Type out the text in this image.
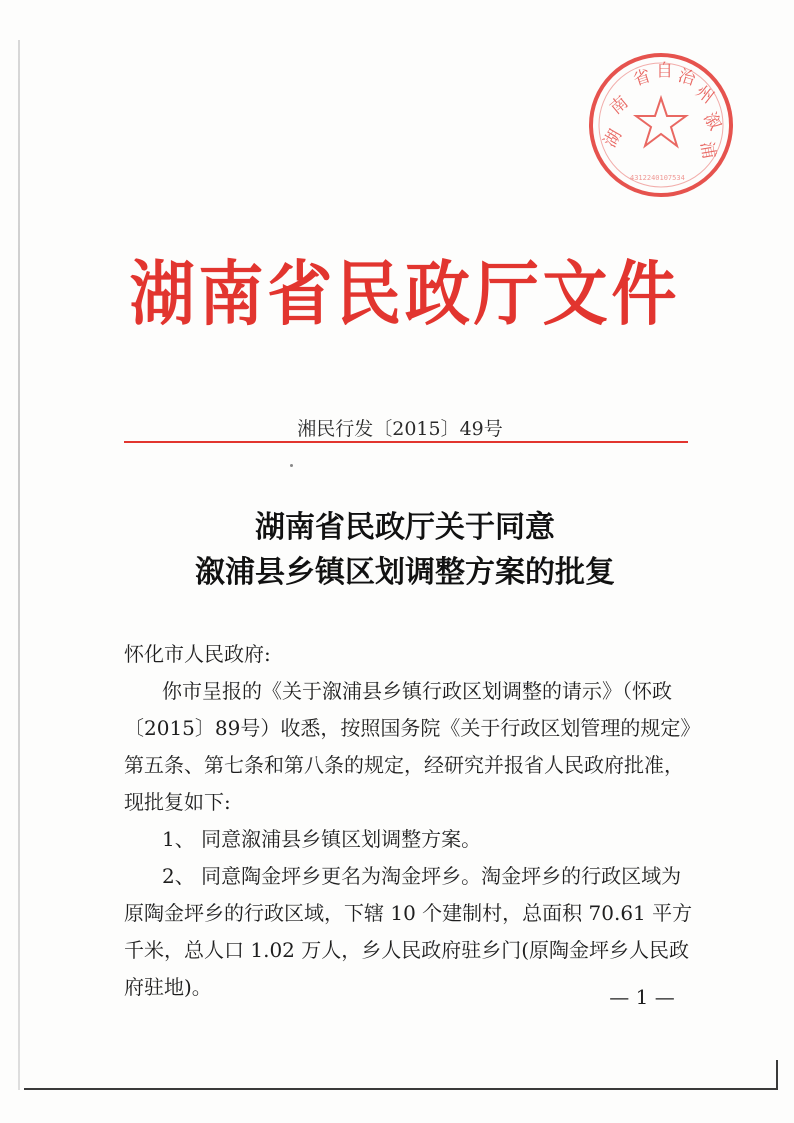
湖
南
省 自 治
州
溆
浦
4312240107534
湖南省民政厅文件
湘民行发〔2015〕49号
湖南省民政厅关于同意
溆浦县乡镇区划调整方案的批复
怀化市人民政府:
你市呈报的《关于溆浦县乡镇行政区划调整的请示》（怀政
〔2015〕89号）收悉，按照国务院《关于行政区划管理的规定》
第五条、第七条和第八条的规定，经研究并报省人民政府批准，
现批复如下:
1、 同意溆浦县乡镇区划调整方案。
2、 同意陶金坪乡更名为淘金坪乡。淘金坪乡的行政区域为
原陶金坪乡的行政区域，下辖 10 个建制村，总面积 70.61 平方
千米，总人口 1.02 万人，乡人民政府驻乡门(原陶金坪乡人民政
府驻地)。	— 1 —
